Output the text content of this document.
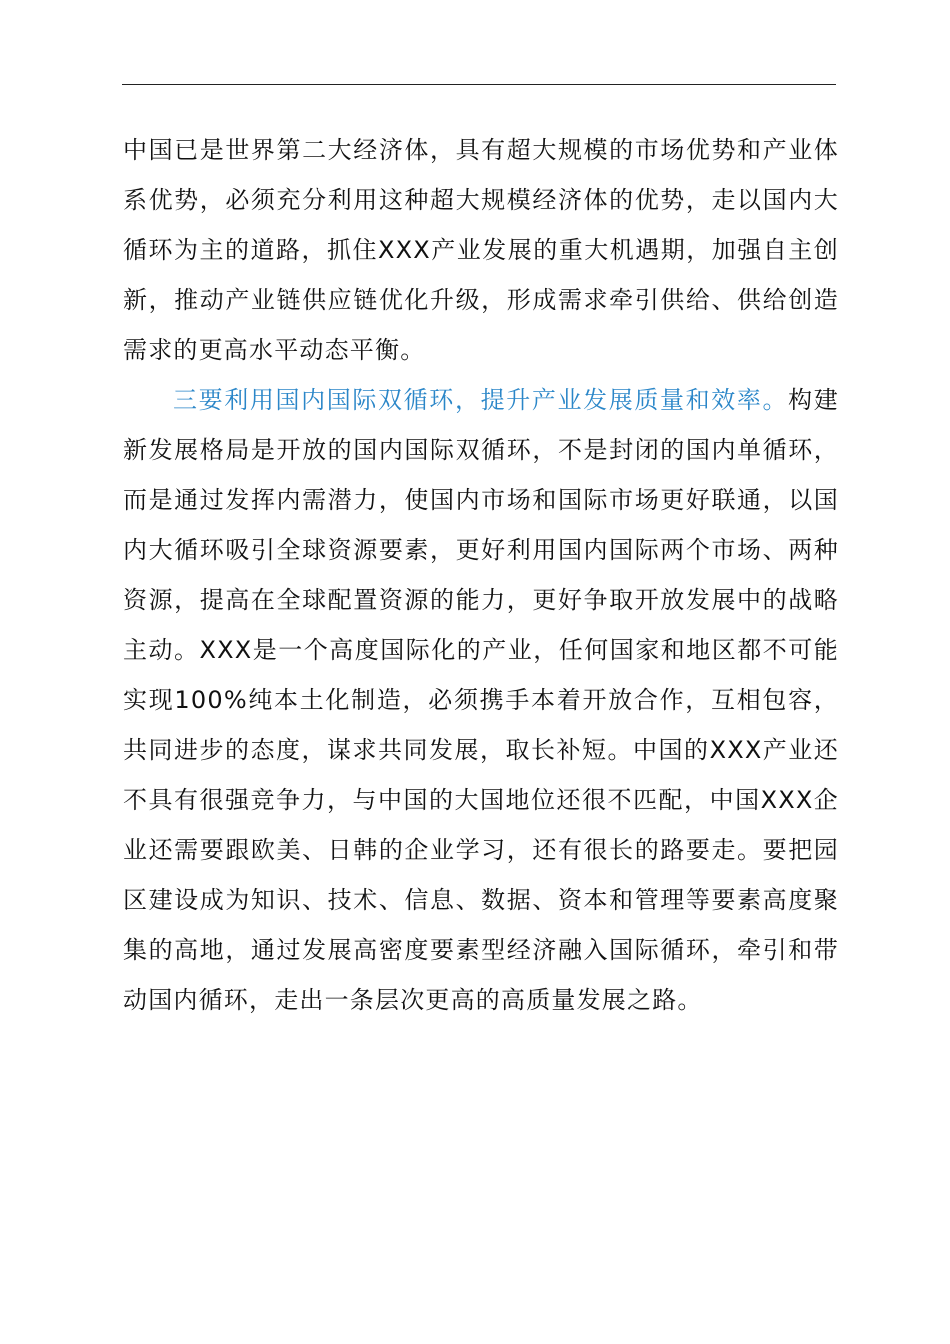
中国已是世界第二大经济体，具有超大规模的市场优势和产业体系优势，必须充分利用这种超大规模经济体的优势，走以国内大循环为主的道路，抓住XXX产业发展的重大机遇期，加强自主创新，推动产业链供应链优化升级，形成需求牵引供给、供给创造需求的更高水平动态平衡。

三要利用国内国际双循环，提升产业发展质量和效率。构建新发展格局是开放的国内国际双循环，不是封闭的国内单循环，而是通过发挥内需潜力，使国内市场和国际市场更好联通，以国内大循环吸引全球资源要素，更好利用国内国际两个市场、两种资源，提高在全球配置资源的能力，更好争取开放发展中的战略主动。XXX是一个高度国际化的产业，任何国家和地区都不可能实现100%纯本土化制造，必须携手本着开放合作，互相包容，共同进步的态度，谋求共同发展，取长补短。中国的XXX产业还不具有很强竞争力，与中国的大国地位还很不匹配，中国XXX企业还需要跟欧美、日韩的企业学习，还有很长的路要走。要把园区建设成为知识、技术、信息、数据、资本和管理等要素高度聚集的高地，通过发展高密度要素型经济融入国际循环，牵引和带动国内循环，走出一条层次更高的高质量发展之路。
